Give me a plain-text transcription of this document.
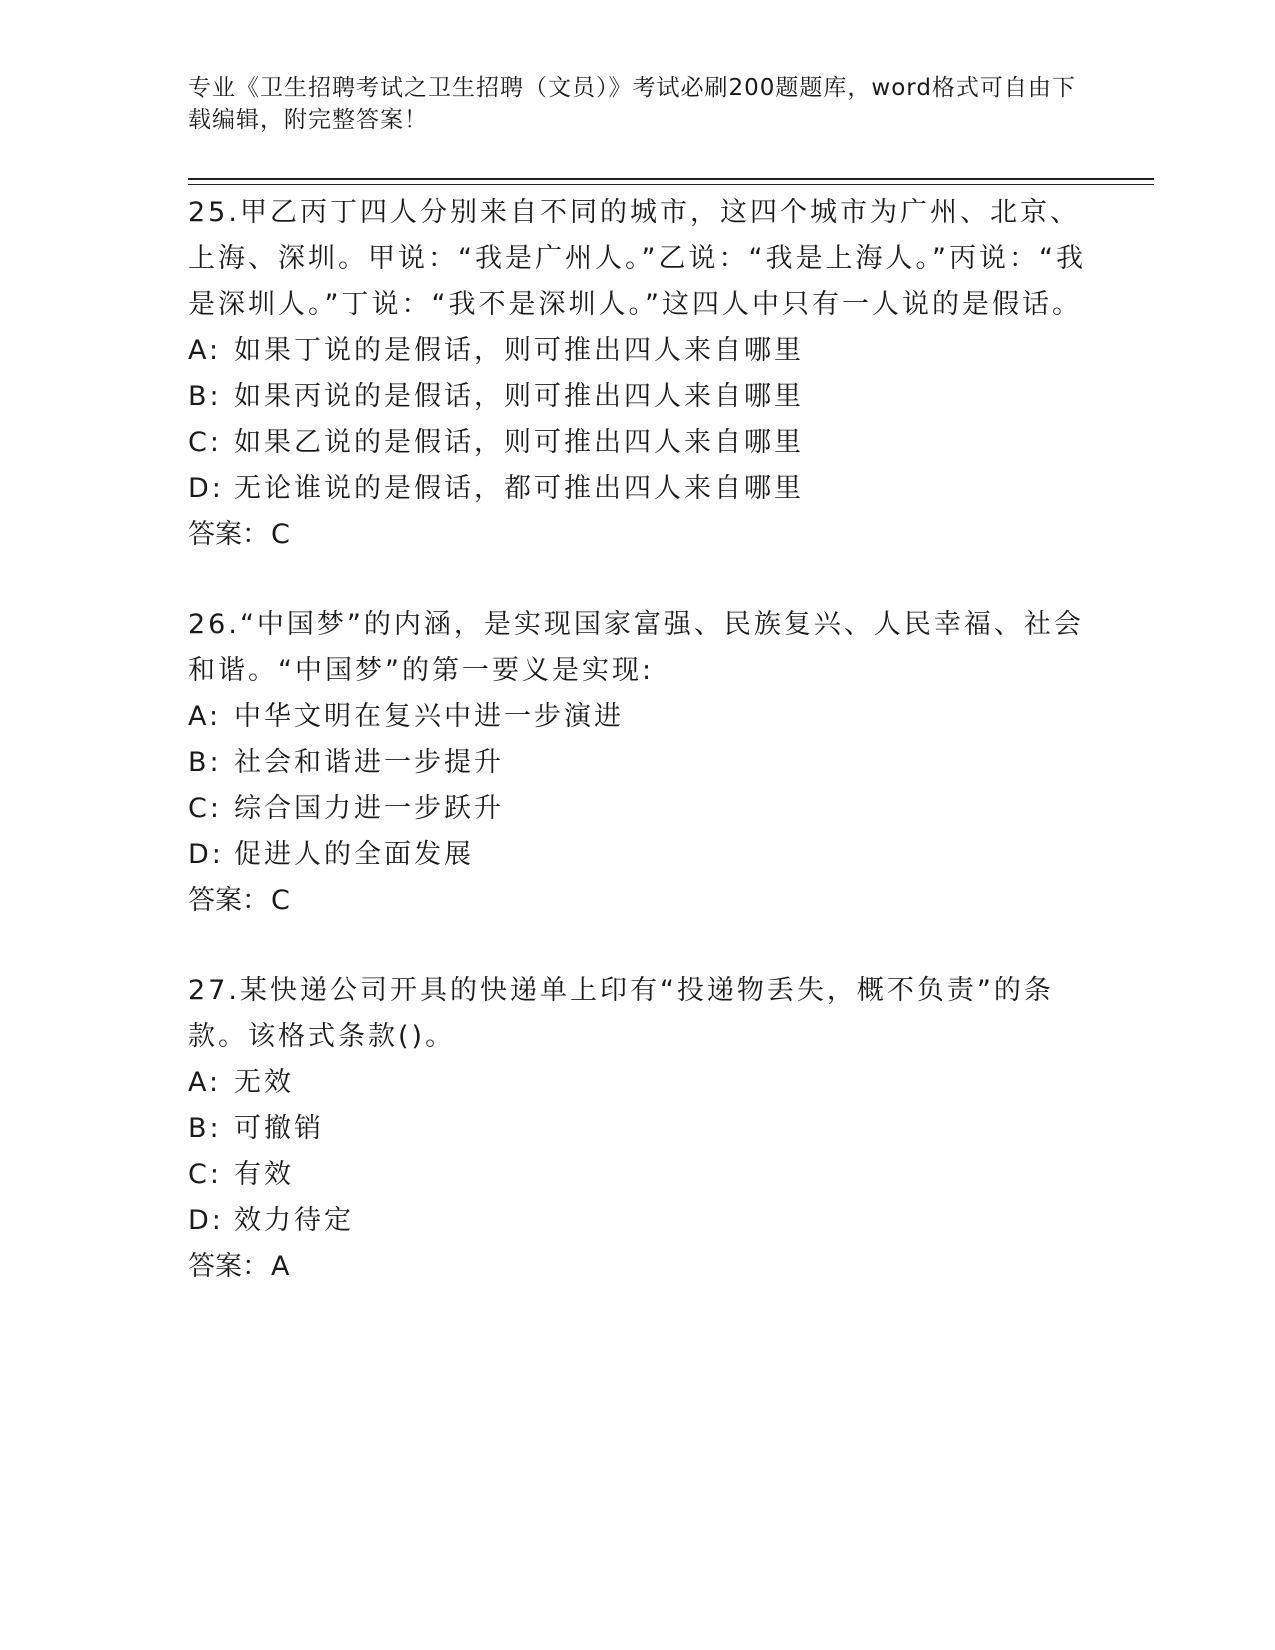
专业《卫生招聘考试之卫生招聘（文员）》考试必刷200题题库，word格式可自由下载编辑，附完整答案！

25.甲乙丙丁四人分别来自不同的城市，这四个城市为广州、北京、上海、深圳。甲说：“我是广州人。”乙说：“我是上海人。”丙说：“我是深圳人。”丁说：“我不是深圳人。”这四人中只有一人说的是假话。

A: 如果丁说的是假话，则可推出四人来自哪里
B: 如果丙说的是假话，则可推出四人来自哪里
C: 如果乙说的是假话，则可推出四人来自哪里
D: 无论谁说的是假话，都可推出四人来自哪里

答案：C

26.“中国梦”的内涵，是实现国家富强、民族复兴、人民幸福、社会和谐。“中国梦”的第一要义是实现:

A: 中华文明在复兴中进一步演进
B: 社会和谐进一步提升
C: 综合国力进一步跃升
D: 促进人的全面发展

答案：C

27.某快递公司开具的快递单上印有“投递物丢失，概不负责”的条款。该格式条款()。

A: 无效
B: 可撤销
C: 有效
D: 效力待定

答案：A
